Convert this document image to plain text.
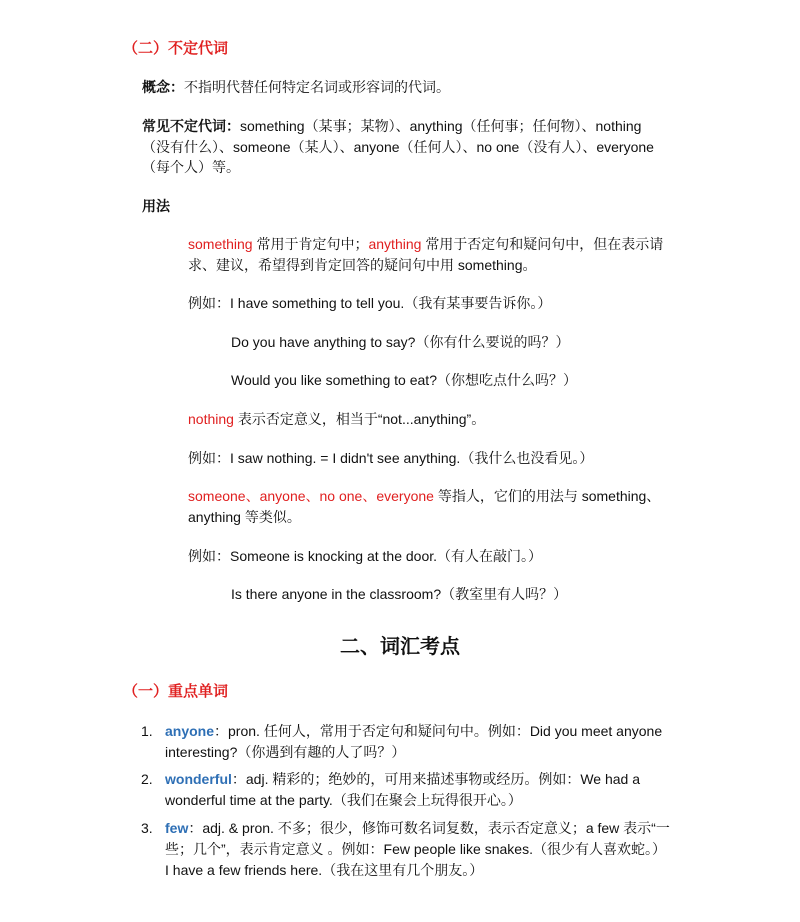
（二）不定代词
概念：不指明代替任何特定名词或形容词的代词。
常见不定代词：something（某事；某物）、anything（任何事；任何物）、nothing
（没有什么）、someone（某人）、anyone（任何人）、no one（没有人）、everyone
（每个人）等。
用法
something 常用于肯定句中；anything 常用于否定句和疑问句中，但在表示请
求、建议，希望得到肯定回答的疑问句中用 something。
例如：I have something to tell you.（我有某事要告诉你。）
Do you have anything to say?（你有什么要说的吗？）
Would you like something to eat?（你想吃点什么吗？）
nothing 表示否定意义，相当于“not...anything”。
例如：I saw nothing. = I didn't see anything.（我什么也没看见。）
someone、anyone、no one、everyone 等指人，它们的用法与 something、
anything 等类似。
例如：Someone is knocking at the door.（有人在敲门。）
Is there anyone in the classroom?（教室里有人吗？）
二、词汇考点
（一）重点单词
1. anyone：pron. 任何人，常用于否定句和疑问句中。例如：Did you meet anyone
interesting?（你遇到有趣的人了吗？）
2. wonderful：adj. 精彩的；绝妙的，可用来描述事物或经历。例如：We had a
wonderful time at the party.（我们在聚会上玩得很开心。）
3. few：adj. & pron. 不多；很少，修饰可数名词复数，表示否定意义；a few 表示“一
些；几个”，表示肯定意义 。例如：Few people like snakes.（很少有人喜欢蛇。）
I have a few friends here.（我在这里有几个朋友。）
